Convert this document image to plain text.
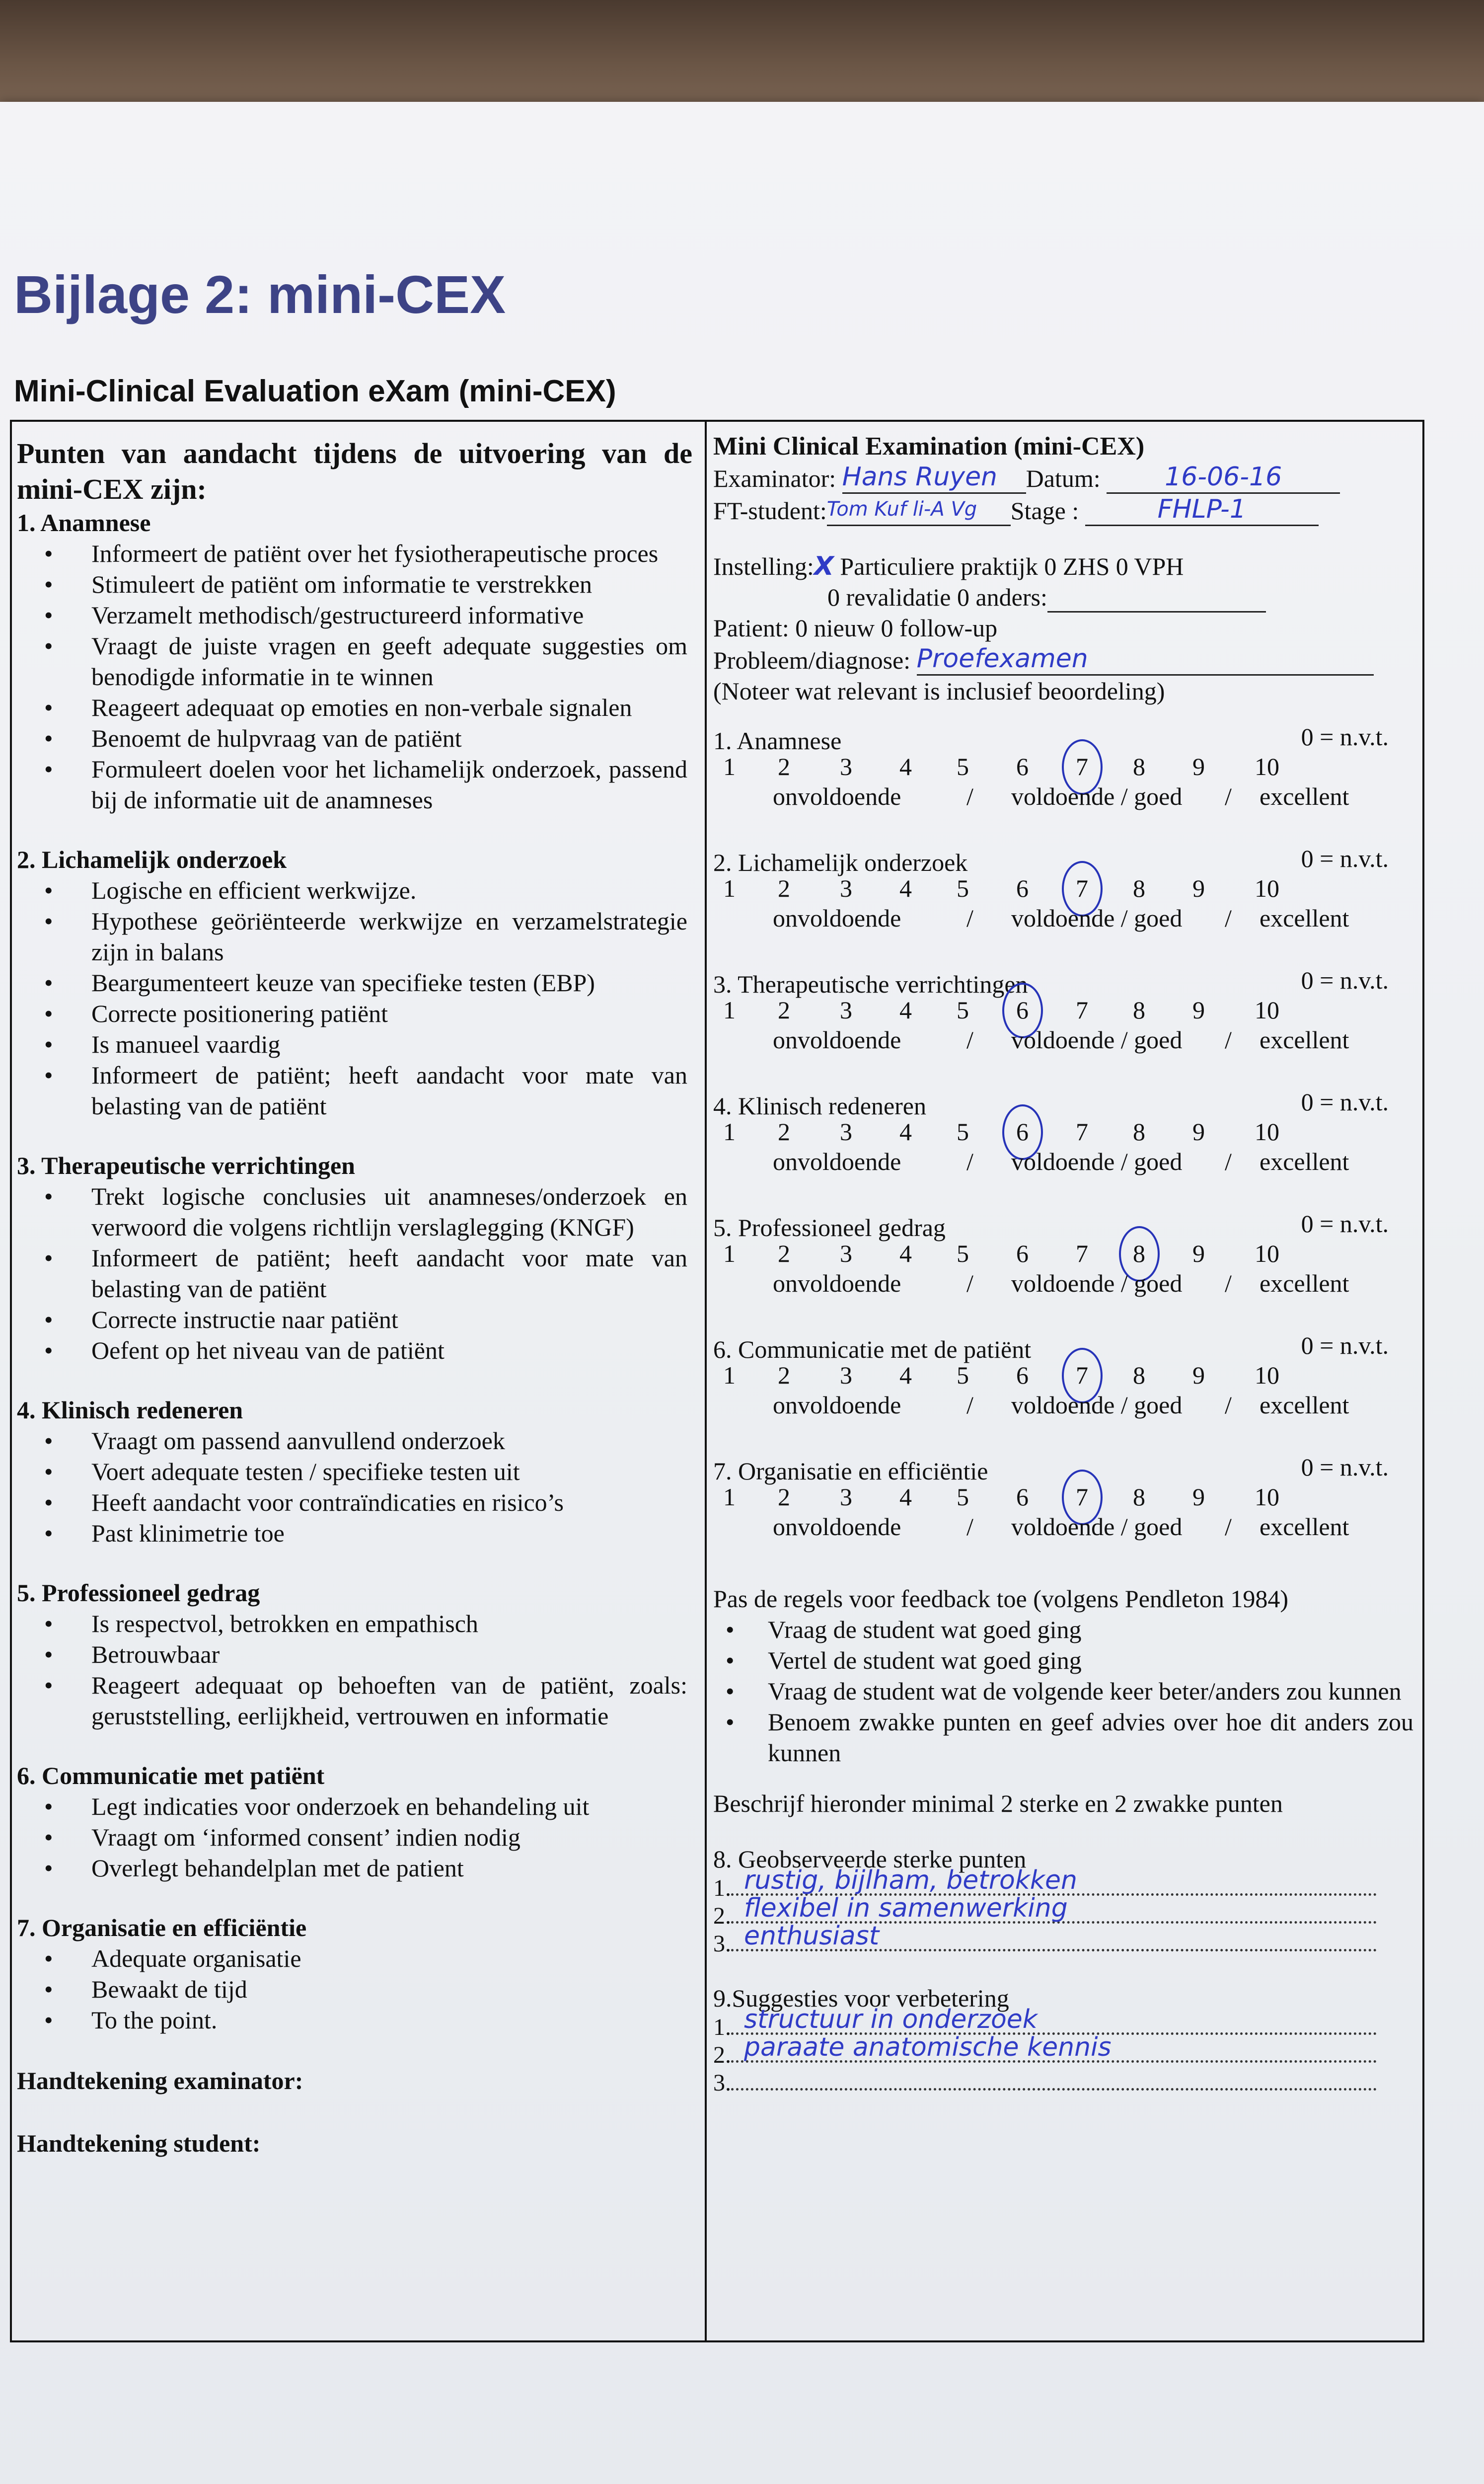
Bijlage 2: mini-CEX
Mini-Clinical Evaluation eXam (mini-CEX)

Punten van aandacht tijdens de uitvoering van de mini-CEX zijn:

1. Anamnese

• Informeert de patiënt over het fysiotherapeutische proces
• Stimuleert de patiënt om informatie te verstrekken
• Verzamelt methodisch/gestructureerd informative
• Vraagt de juiste vragen en geeft adequate suggesties om benodigde informatie in te winnen
• Reageert adequaat op emoties en non-verbale signalen
• Benoemt de hulpvraag van de patiënt
• Formuleert doelen voor het lichamelijk onderzoek, passend bij de informatie uit de anamneses

2. Lichamelijk onderzoek

• Logische en efficient werkwijze.
• Hypothese geöriënteerde werkwijze en verzamelstrategie zijn in balans
• Beargumenteert keuze van specifieke testen (EBP)
• Correcte positionering patiënt
• Is manueel vaardig
• Informeert de patiënt; heeft aandacht voor mate van belasting van de patiënt

3. Therapeutische verrichtingen

• Trekt logische conclusies uit anamneses/onderzoek en verwoord die volgens richtlijn verslaglegging (KNGF)
• Informeert de patiënt; heeft aandacht voor mate van belasting van de patiënt
• Correcte instructie naar patiënt
• Oefent op het niveau van de patiënt

4. Klinisch redeneren

• Vraagt om passend aanvullend onderzoek
• Voert adequate testen / specifieke testen uit
• Heeft aandacht voor contraïndicaties en risico’s
• Past klinimetrie toe

5. Professioneel gedrag

• Is respectvol, betrokken en empathisch
• Betrouwbaar
• Reageert adequaat op behoeften van de patiënt, zoals: geruststelling, eerlijkheid, vertrouwen en informatie

6. Communicatie met patiënt

• Legt indicaties voor onderzoek en behandeling uit
• Vraagt om ‘informed consent’ indien nodig
• Overlegt behandelplan met de patient

7. Organisatie en efficiëntie

• Adequate organisatie
• Bewaakt de tijd
• To the point.

Handtekening examinator:

Handtekening student:

Mini Clinical Examination (mini-CEX)

Examinator: Hans Ruyen Datum: 16-06-16
FT-student:Tom Kuf li-A Vg Stage :	FHLP-1
Instelling:X Particuliere praktijk 0 ZHS 0 VPH
0 revalidatie 0 anders:
Patient: 0 nieuw 0 follow-up
Probleem/diagnose: Proefexamen
(Noteer wat relevant is inclusief beoordeling)
1. Anamnese	0 = n.v.t.
1 2 3 4 5 6 7 8 9 10
onvoldoende	/ voldoende / goed / excellent
2. Lichamelijk onderzoek	0 = n.v.t.
1 2 3 4 5 6 7 8 9 10
onvoldoende	/ voldoende / goed / excellent
3. Therapeutische verrichtingen	0 = n.v.t.
1 2 3 4 5 6 7 8 9 10
onvoldoende	/ voldoende / goed / excellent
4. Klinisch redeneren	0 = n.v.t.
1 2 3 4 5 6 7 8 9 10
onvoldoende	/ voldoende / goed / excellent
5. Professioneel gedrag	0 = n.v.t.
1 2 3 4 5 6 7 8 9 10
onvoldoende	/ voldoende / goed / excellent
6. Communicatie met de patiënt	0 = n.v.t.
1 2 3 4 5 6 7 8 9 10
onvoldoende	/ voldoende / goed / excellent
7. Organisatie en efficiëntie	0 = n.v.t.
1 2 3 4 5 6 7 8 9 10
onvoldoende	/ voldoende / goed / excellent

Pas de regels voor feedback toe (volgens Pendleton 1984)

• Vraag de student wat goed ging
• Vertel de student wat goed ging
• Vraag de student wat de volgende keer beter/anders zou kunnen
• Benoem zwakke punten en geef advies over hoe dit anders zou kunnen

Beschrijf hieronder minimal 2 sterke en 2 zwakke punten

8. Geobserveerde sterke punten

1. rustig, bijlham, betrokken
2. flexibel in samenwerking
3. enthusiast

9.Suggesties voor verbetering

1. structuur in onderzoek
2. paraate anatomische kennis
3.
